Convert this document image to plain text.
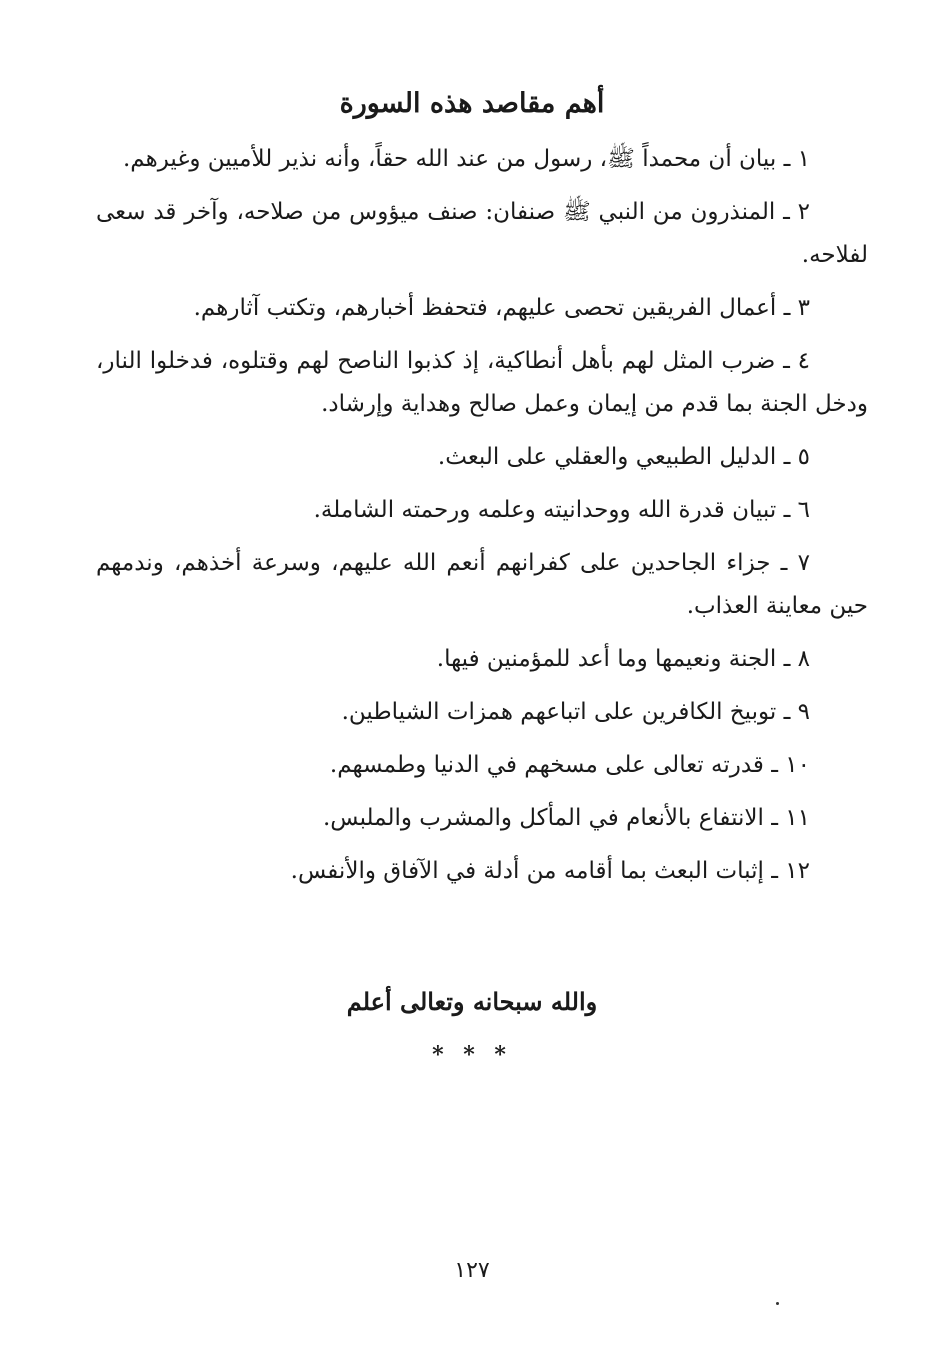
أهم مقاصد هذه السورة

١ ـ بيان أن محمداً ﷺ، رسول من عند الله حقاً، وأنه نذير للأميين وغيرهم.

٢ ـ المنذرون من النبي ﷺ صنفان: صنف ميؤوس من صلاحه، وآخر قد سعى لفلاحه.

٣ ـ أعمال الفريقين تحصى عليهم، فتحفظ أخبارهم، وتكتب آثارهم.

٤ ـ ضرب المثل لهم بأهل أنطاكية، إذ كذبوا الناصح لهم وقتلوه، فدخلوا النار، ودخل الجنة بما قدم من إيمان وعمل صالح وهداية وإرشاد.

٥ ـ الدليل الطبيعي والعقلي على البعث.

٦ ـ تبيان قدرة الله ووحدانيته وعلمه ورحمته الشاملة.

٧ ـ جزاء الجاحدين على كفرانهم أنعم الله عليهم، وسرعة أخذهم، وندمهم حين معاينة العذاب.

٨ ـ الجنة ونعيمها وما أعد للمؤمنين فيها.

٩ ـ توبيخ الكافرين على اتباعهم همزات الشياطين.

١٠ ـ قدرته تعالى على مسخهم في الدنيا وطمسهم.

١١ ـ الانتفاع بالأنعام في المأكل والمشرب والملبس.

١٢ ـ إثبات البعث بما أقامه من أدلة في الآفاق والأنفس.

والله سبحانه وتعالى أعلم
* * *
١٢٧
